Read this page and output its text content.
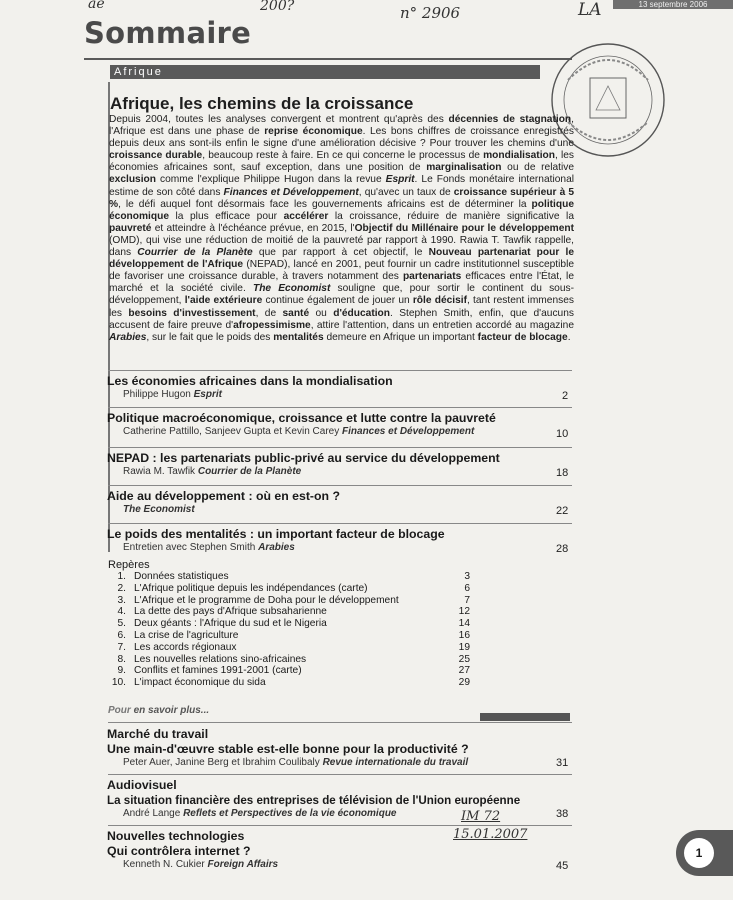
13 septembre 2006
ae	200?	n° 2906	LA
Sommaire
Afrique
Afrique, les chemins de la croissance
Depuis 2004, toutes les analyses convergent et montrent qu'après des décennies de stagnation, l'Afrique est dans une phase de reprise économique. Les bons chiffres de croissance enregistrés depuis deux ans sont-ils enfin le signe d'une amélioration décisive ? Pour trouver les chemins d'une croissance durable, beaucoup reste à faire. En ce qui concerne le processus de mondialisation, les économies africaines sont, sauf exception, dans une position de marginalisation ou de relative exclusion comme l'explique Philippe Hugon dans la revue Esprit. Le Fonds monétaire international estime de son côté dans Finances et Développement, qu'avec un taux de croissance supérieur à 5 %, le défi auquel font désormais face les gouvernements africains est de déterminer la politique économique la plus efficace pour accélérer la croissance, réduire de manière significative la pauvreté et atteindre à l'échéance prévue, en 2015, l'Objectif du Millénaire pour le développement (OMD), qui vise une réduction de moitié de la pauvreté par rapport à 1990. Rawia T. Tawfik rappelle, dans Courrier de la Planète que par rapport à cet objectif, le Nouveau partenariat pour le développement de l'Afrique (NEPAD), lancé en 2001, peut fournir un cadre institutionnel susceptible de favoriser une croissance durable, à travers notamment des partenariats efficaces entre l'État, le marché et la société civile. The Economist souligne que, pour sortir le continent du sous-développement, l'aide extérieure continue également de jouer un rôle décisif, tant restent immenses les besoins d'investissement, de santé ou d'éducation. Stephen Smith, enfin, que d'aucuns accusent de faire preuve d'afropessimisme, attire l'attention, dans un entretien accordé au magazine Arabies, sur le fait que le poids des mentalités demeure en Afrique un important facteur de blocage.
Les économies africaines dans la mondialisation
Philippe Hugon Esprit	2
Politique macroéconomique, croissance et lutte contre la pauvreté
Catherine Pattillo, Sanjeev Gupta et Kevin Carey Finances et Développement	10
NEPAD : les partenariats public-privé au service du développement
Rawia M. Tawfik Courrier de la Planète	18
Aide au développement : où en est-on ?
The Economist	22
Le poids des mentalités : un important facteur de blocage
Entretien avec Stephen Smith Arabies	28
Repères
1. Données statistiques	3
2. L'Afrique politique depuis les indépendances (carte)	6
3. L'Afrique et le programme de Doha pour le développement	7
4. La dette des pays d'Afrique subsaharienne	12
5. Deux géants : l'Afrique du sud et le Nigeria	14
6. La crise de l'agriculture	16
7. Les accords régionaux	19
8. Les nouvelles relations sino-africaines	25
9. Conflits et famines 1991-2001 (carte)	27
10. L'impact économique du sida	29
Pour en savoir plus...
Marché du travail
Une main-d'œuvre stable est-elle bonne pour la productivité ?
Peter Auer, Janine Berg et Ibrahim Coulibaly Revue internationale du travail	31
Audiovisuel
La situation financière des entreprises de télévision de l'Union européenne
André Lange Reflets et Perspectives de la vie économique	38
Nouvelles technologies
Qui contrôlera internet ?
Kenneth N. Cukier Foreign Affairs	45
IM 72
15.01.2007
1
